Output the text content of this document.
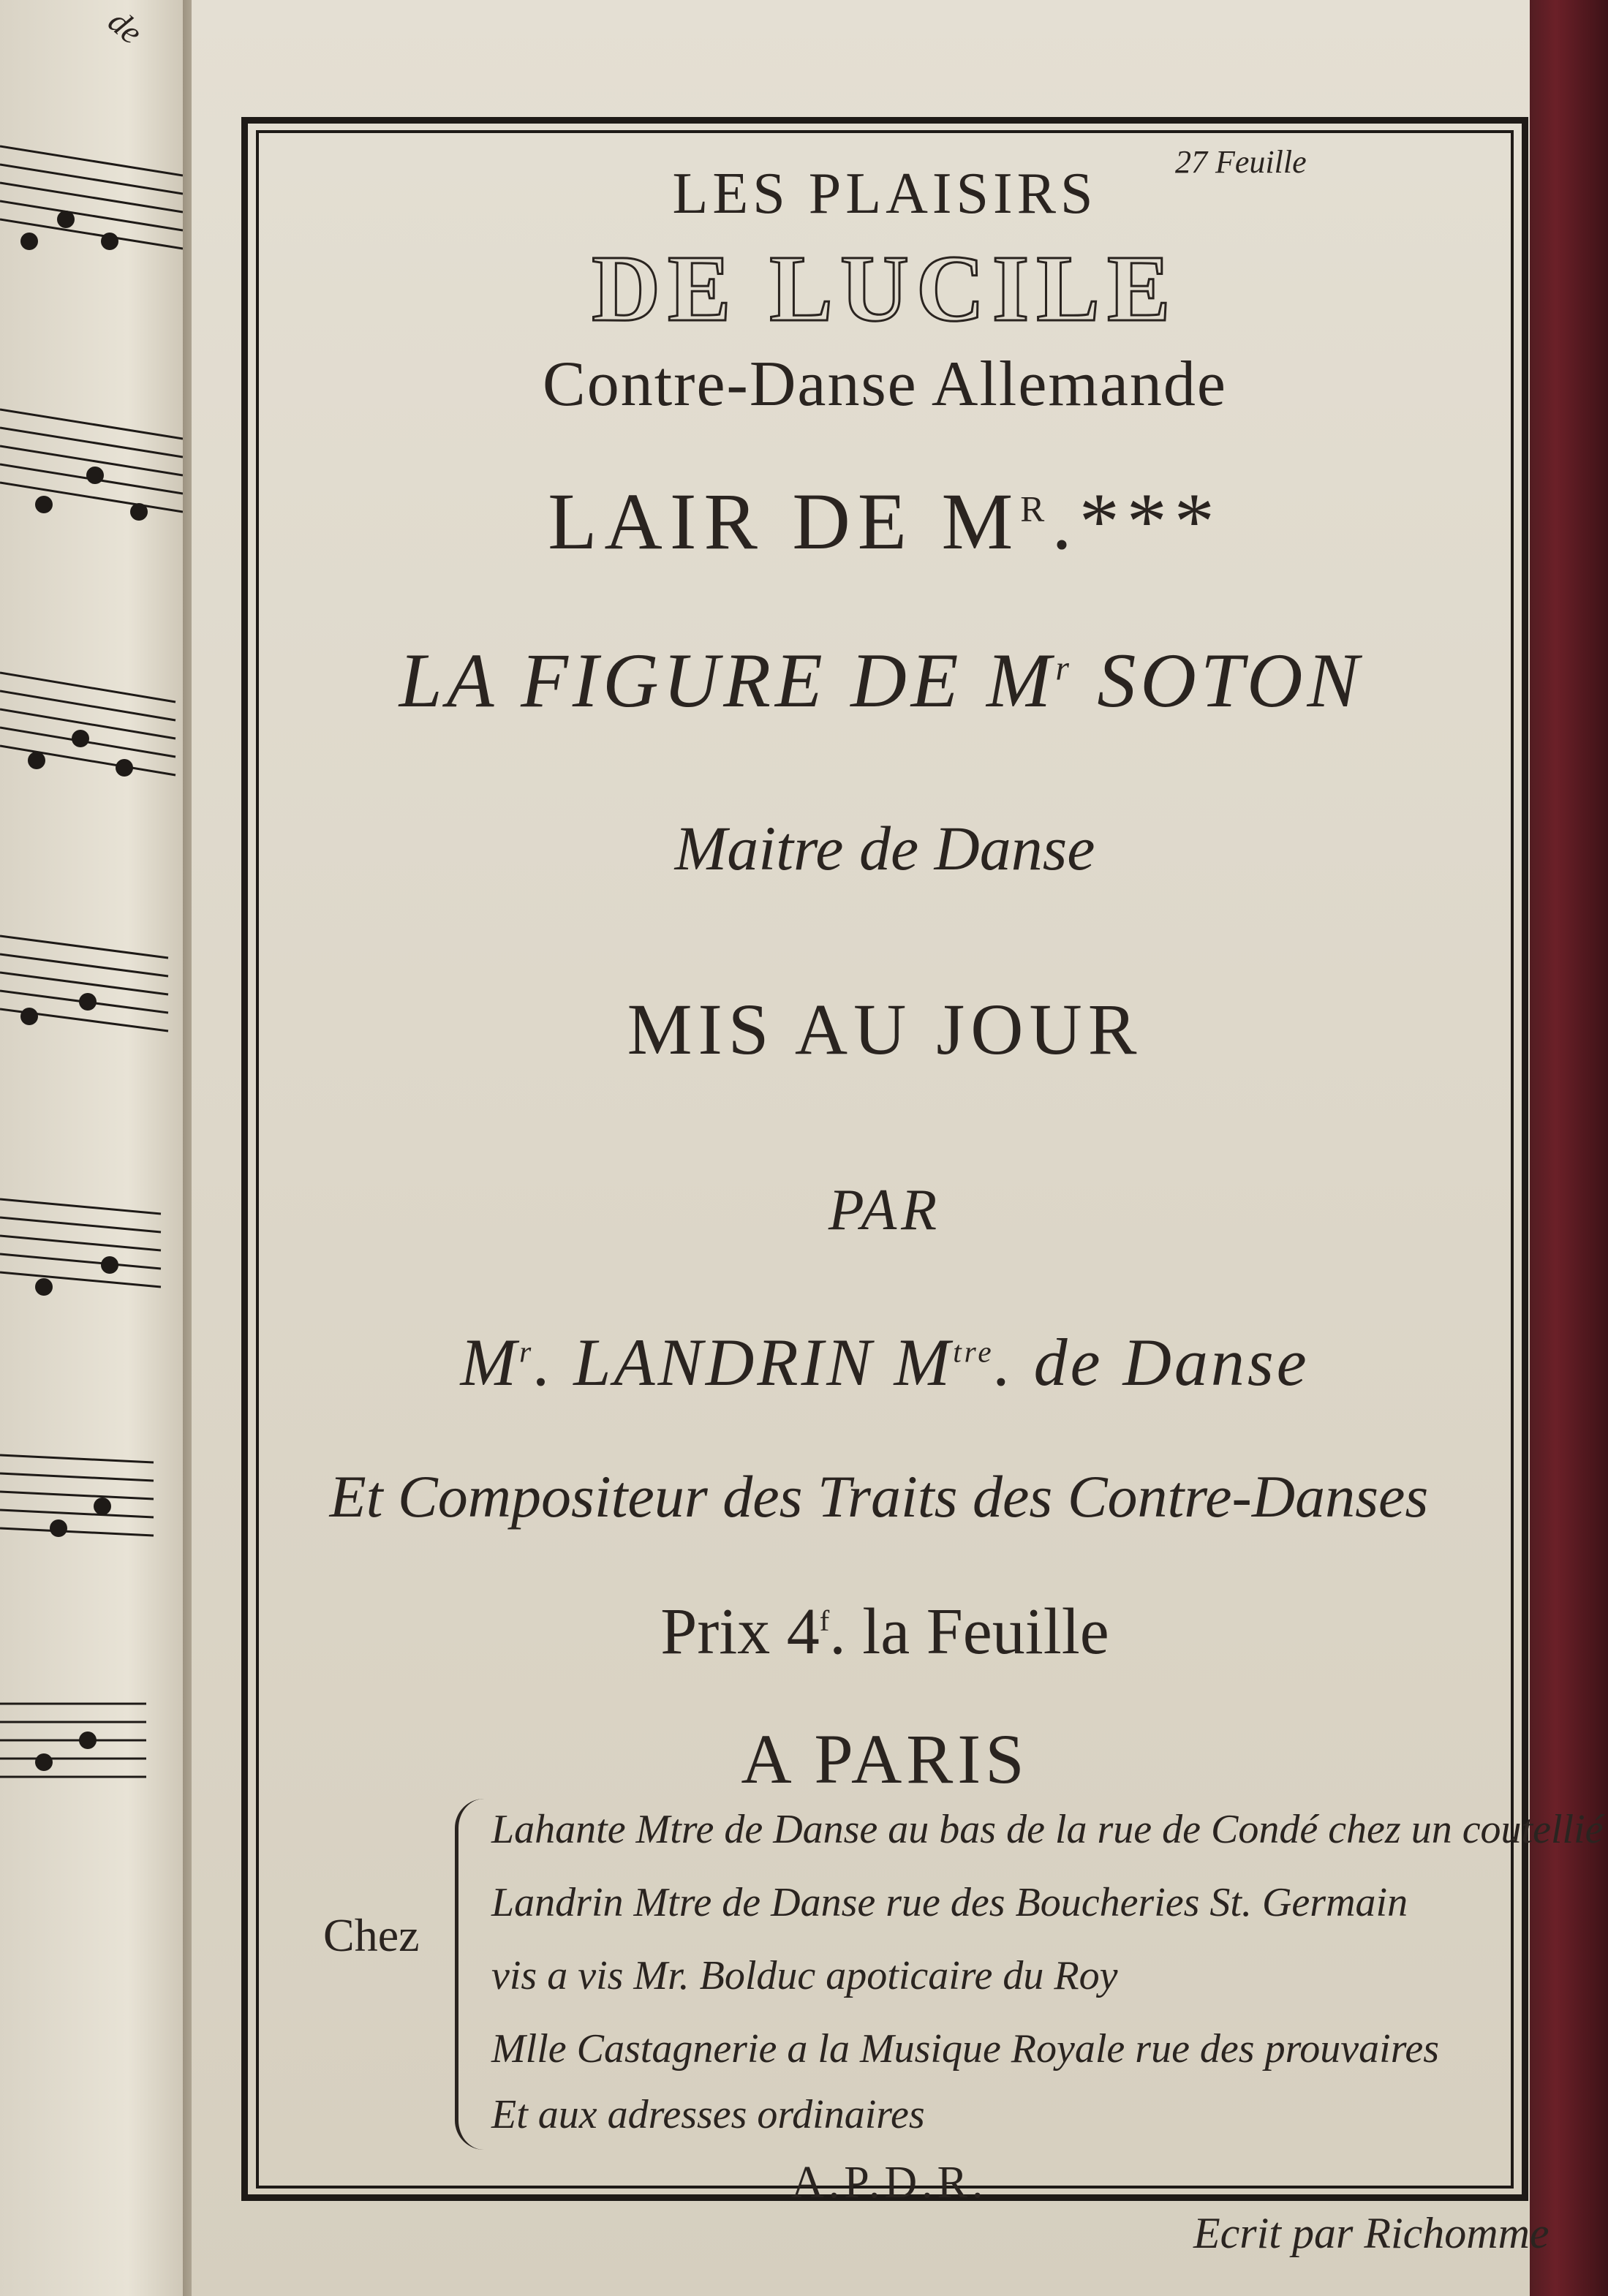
de
27 Feuille
LES PLAISIRS
DE LUCILE
Contre-Danse Allemande
LAIR DE $M^R.***$
LA FIGURE DE $M^r$ SOTON
Maitre de Danse
MIS AU JOUR
PAR
$M^r$. LANDRIN $M^{tre}$. de Danse
Et Compositeur des Traits des Contre-Danses
Prix 4$^f$. la Feuille
A PARIS
Chez
Lahante Mtre de Danse au bas de la rue de Condé chez un coutellié
Landrin Mtre de Danse rue des Boucheries St. Germain
vis a vis Mr. Bolduc apoticaire du Roy
Mlle Castagnerie a la Musique Royale rue des prouvaires
Et aux adresses ordinaires
A.P.D.R.
Ecrit par Richomme
